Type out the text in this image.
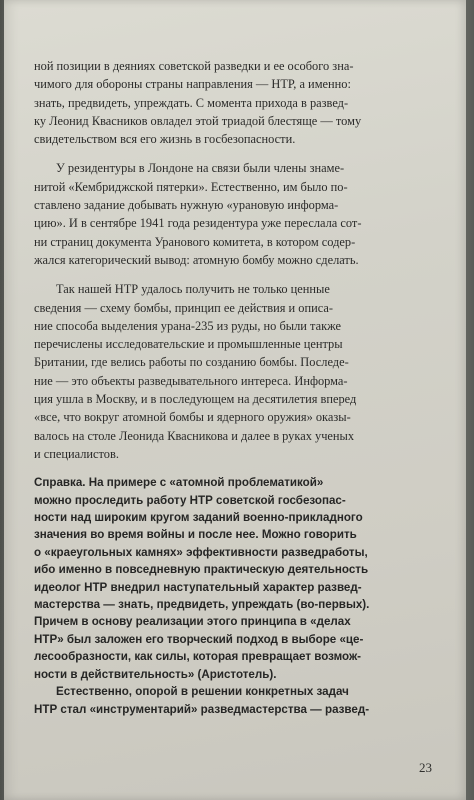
ной позиции в деяниях советской разведки и ее особого зна-
чимого для обороны страны направления — НТР, а именно:
знать, предвидеть, упреждать. С момента прихода в развед-
ку Леонид Квасников овладел этой триадой блестяще — тому
свидетельством вся его жизнь в госбезопасности.

У резидентуры в Лондоне на связи были члены знаме-
нитой «Кембриджской пятерки». Естественно, им было по-
ставлено задание добывать нужную «урановую информа-
цию». И в сентябре 1941 года резидентура уже переслала сот-
ни страниц документа Уранового комитета, в котором содер-
жался категорический вывод: атомную бомбу можно сделать.

Так нашей НТР удалось получить не только ценные
сведения — схему бомбы, принцип ее действия и описа-
ние способа выделения урана-235 из руды, но были также
перечислены исследовательские и промышленные центры
Британии, где велись работы по созданию бомбы. Последе-
ние — это объекты разведывательного интереса. Информа-
ция ушла в Москву, и в последующем на десятилетия вперед
«все, что вокруг атомной бомбы и ядерного оружия» оказы-
валось на столе Леонида Квасникова и далее в руках ученых
и специалистов.

Справка. На примере с «атомной проблематикой»
можно проследить работу НТР советской госбезопас-
ности над широким кругом заданий военно-прикладного
значения во время войны и после нее. Можно говорить
о «краеугольных камнях» эффективности разведработы,
ибо именно в повседневную практическую деятельность
идеолог НТР внедрил наступательный характер развед-
мастерства — знать, предвидеть, упреждать (во-первых).
Причем в основу реализации этого принципа в «делах
НТР» был заложен его творческий подход в выборе «це-
лесообразности, как силы, которая превращает возмож-
ности в действительность» (Аристотель).
Естественно, опорой в решении конкретных задач
НТР стал «инструментарий» разведмастерства — развед-
23
